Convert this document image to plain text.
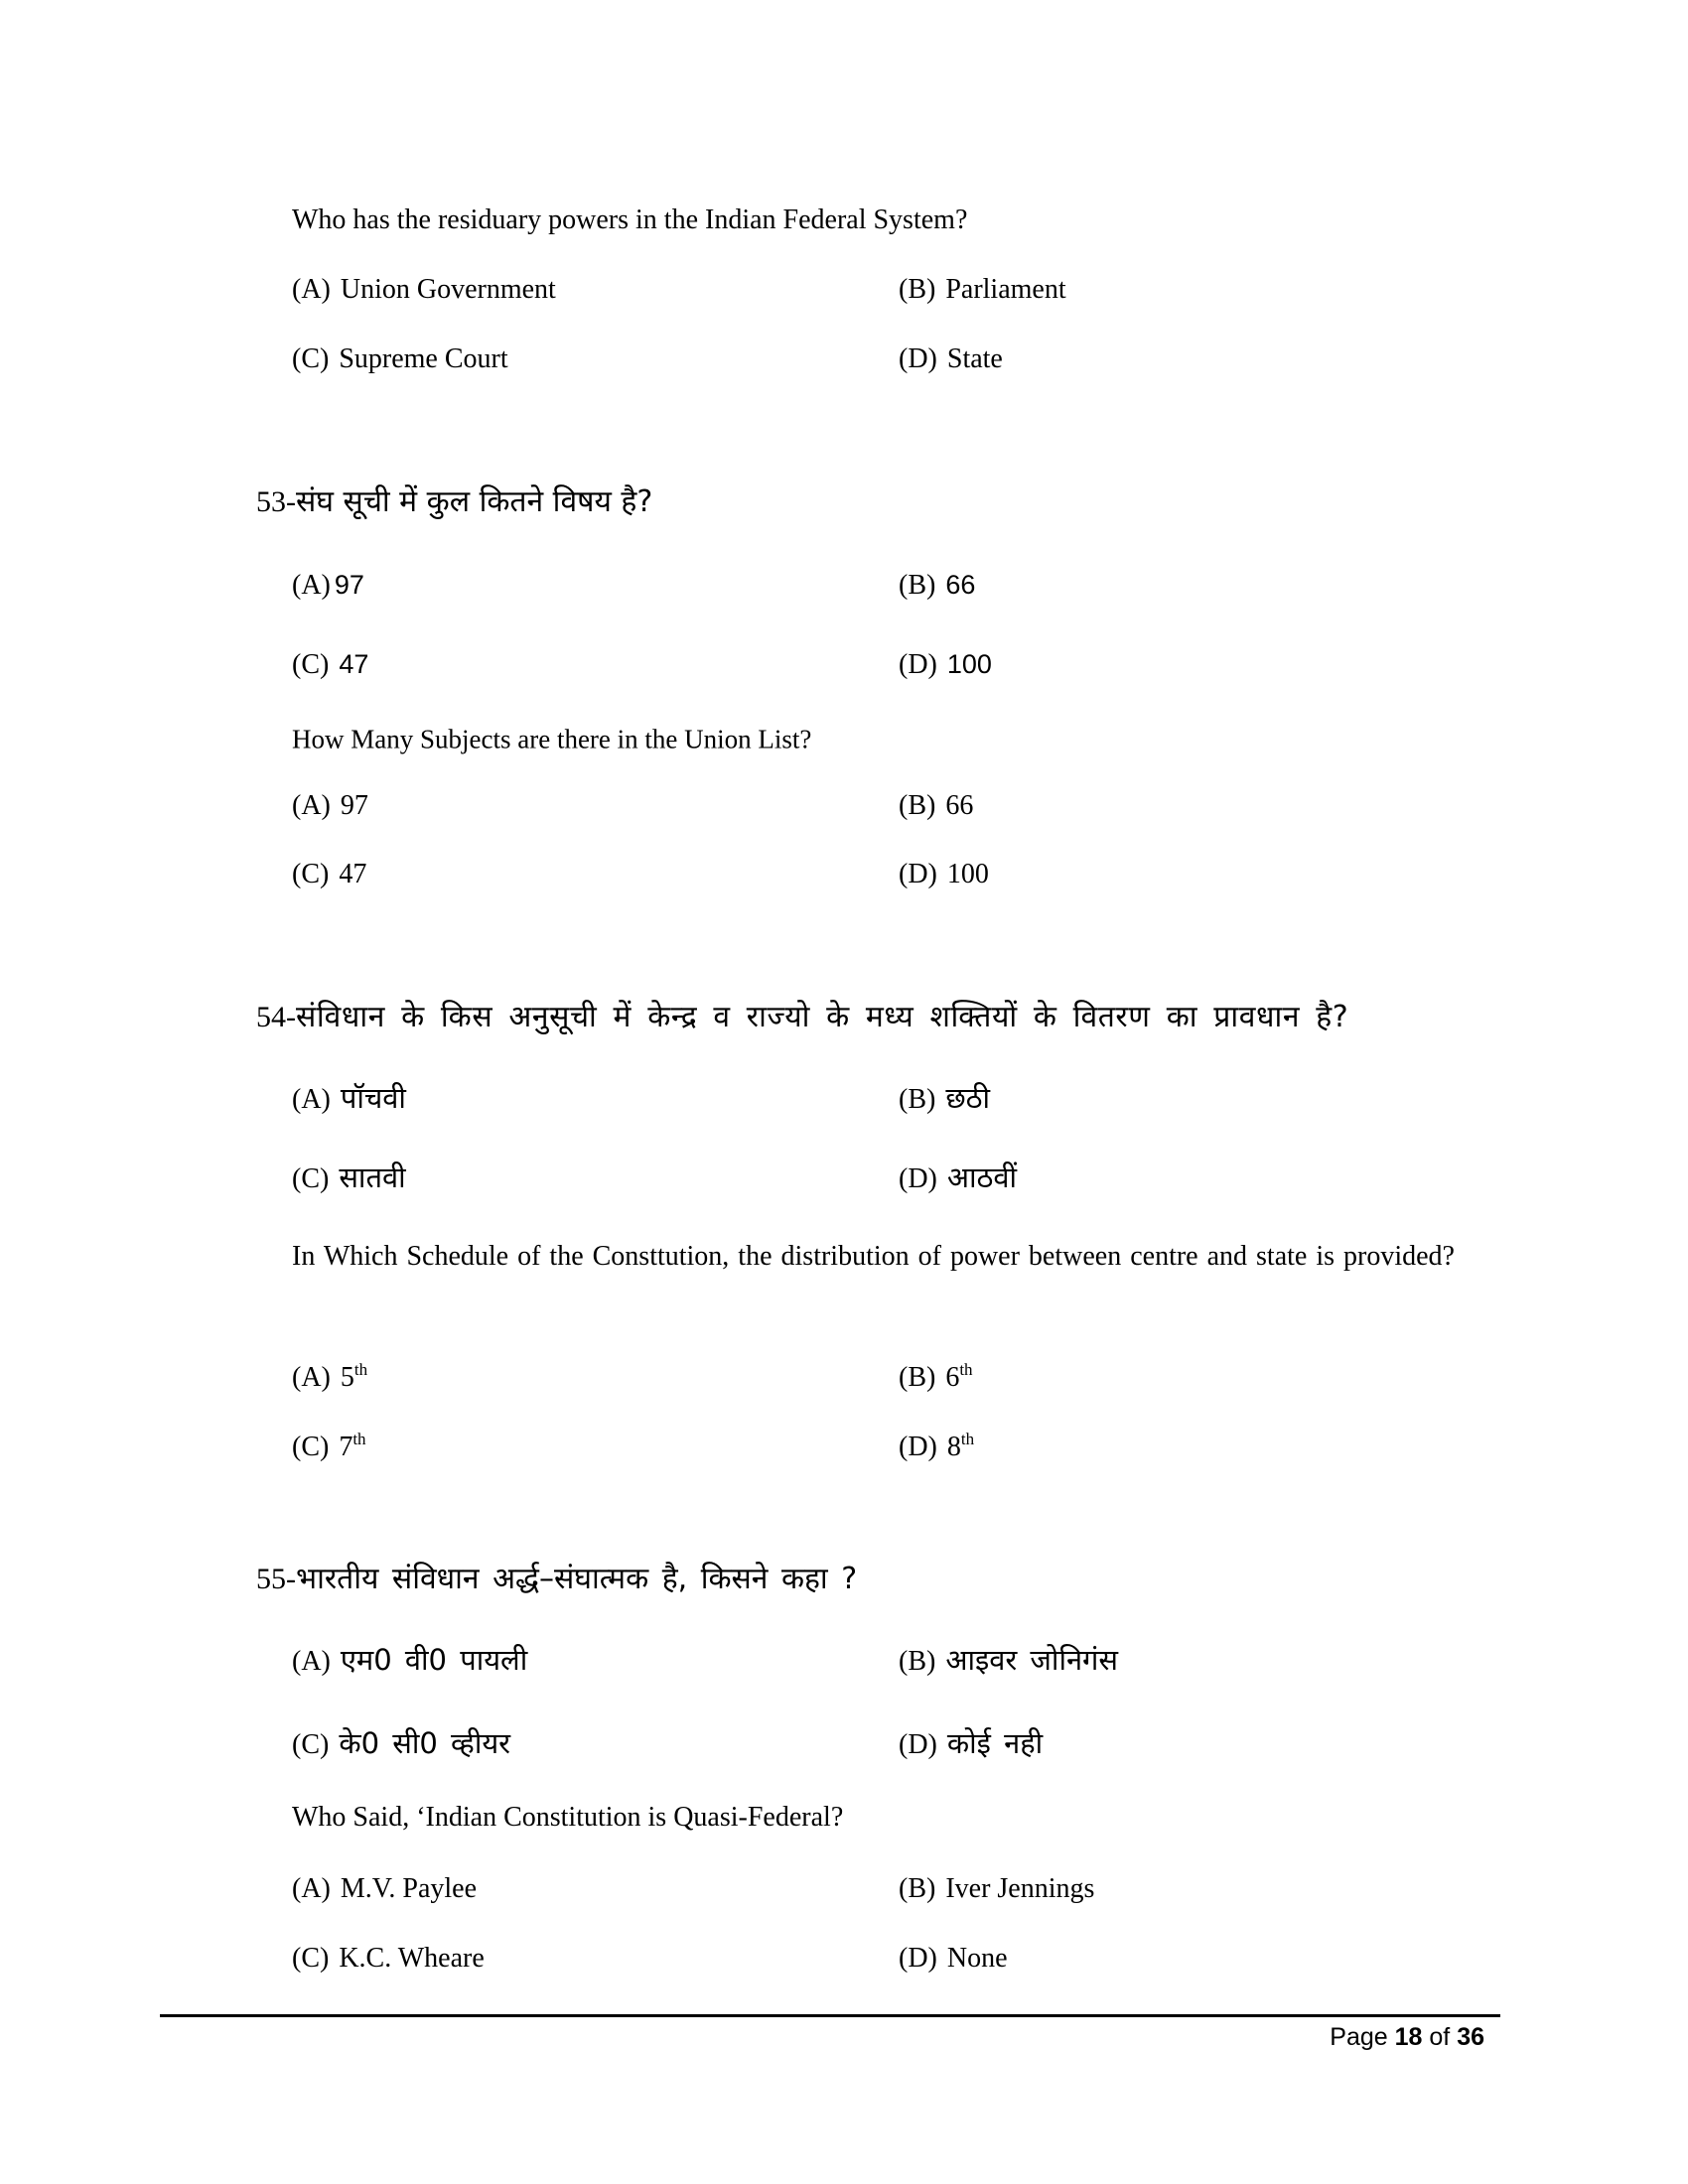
Who has the residuary powers in the Indian Federal System?
(A) Union Government	(B) Parliament
(C) Supreme Court	(D) State
53-संघ सूची में कुल कितने विषय है?
(A) 97	(B) 66
(C) 47	(D) 100
How Many Subjects are there in the Union List?
(A) 97	(B) 66
(C) 47	(D) 100
54-संविधान के किस अनुसूची में केन्द्र व राज्यो के मध्य शक्तियों के वितरण का प्रावधान है?
(A) पॉचवी	(B) छठी
(C) सातवी	(D) आठवीं
In Which Schedule of the Consttution, the distribution of power between centre and state is provided?
(A) 5th	(B) 6th
(C) 7th	(D) 8th
55-भारतीय संविधान अर्द्ध–संघात्मक है, किसने कहा ?
(A) एम0 वी0 पायली	(B) आइवर जोनिगंस
(C) के0 सी0 व्हीयर	(D) कोई नही
Who Said, ‘Indian Constitution is Quasi-Federal?
(A) M.V. Paylee	(B) Iver Jennings
(C) K.C. Wheare	(D) None
Page 18 of 36
